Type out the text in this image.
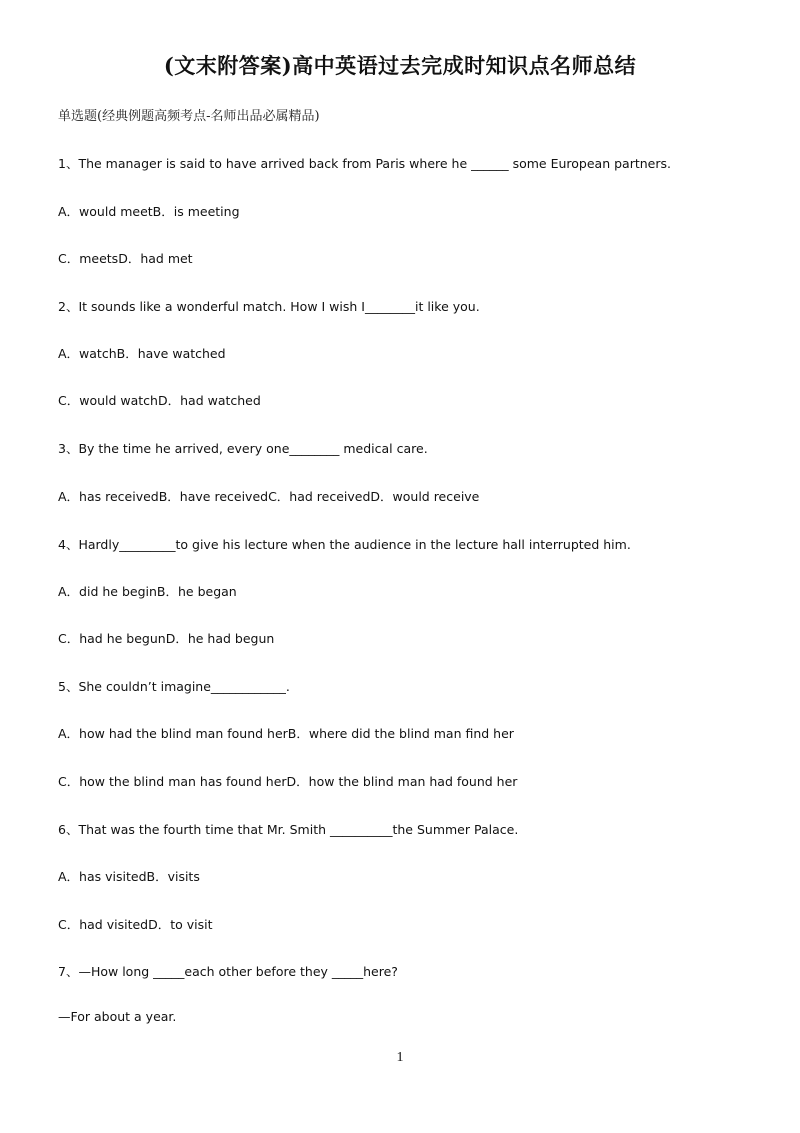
(文末附答案)高中英语过去完成时知识点名师总结
单选题(经典例题高频考点-名师出品必属精品)
1、The manager is said to have arrived back from Paris where he ______ some European partners.
A．would meetB．is meeting
C．meetsD．had met
2、It sounds like a wonderful match. How I wish I________it like you.
A．watchB．have watched
C．would watchD．had watched
3、By the time he arrived, every one________ medical care.
A．has receivedB．have receivedC．had receivedD．would receive
4、Hardly_________to give his lecture when the audience in the lecture hall interrupted him.
A．did he beginB．he began
C．had he begunD．he had begun
5、She couldn’t imagine____________.
A．how had the blind man found herB．where did the blind man find her
C．how the blind man has found herD．how the blind man had found her
6、That was the fourth time that Mr. Smith __________the Summer Palace.
A．has visitedB．visits
C．had visitedD．to visit
7、—How long _____each other before they _____here?
—For about a year.
1
